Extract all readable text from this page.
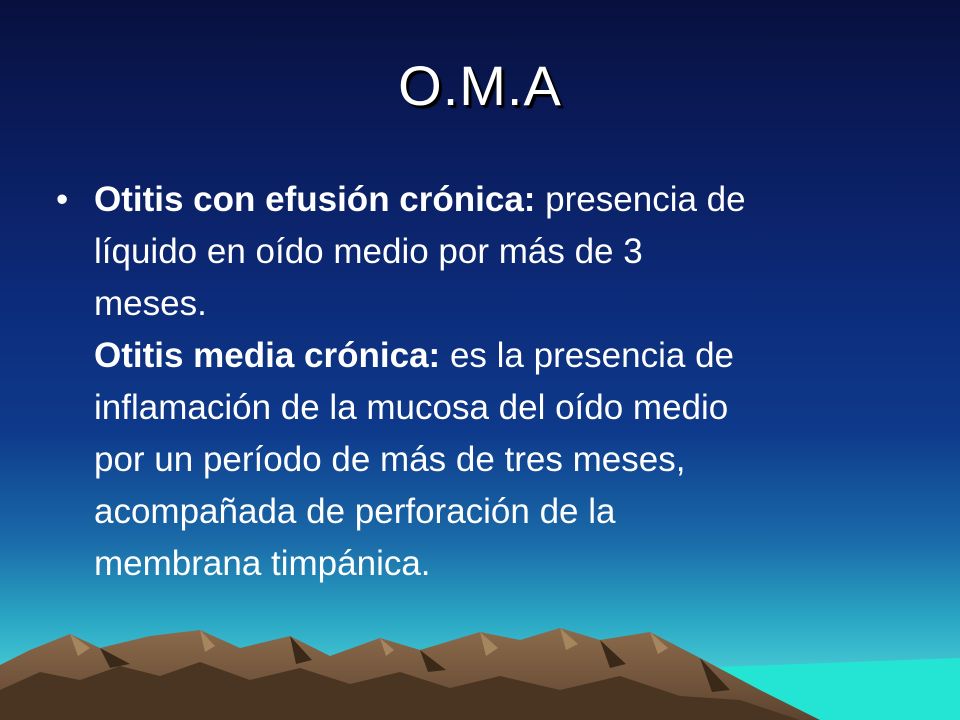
O.M.A
• Otitis con efusión crónica: presencia de
líquido en oído medio por más de 3
meses.
Otitis media crónica: es la presencia de
inflamación de la mucosa del oído medio
por un período de más de tres meses,
acompañada de perforación de la
membrana timpánica.
